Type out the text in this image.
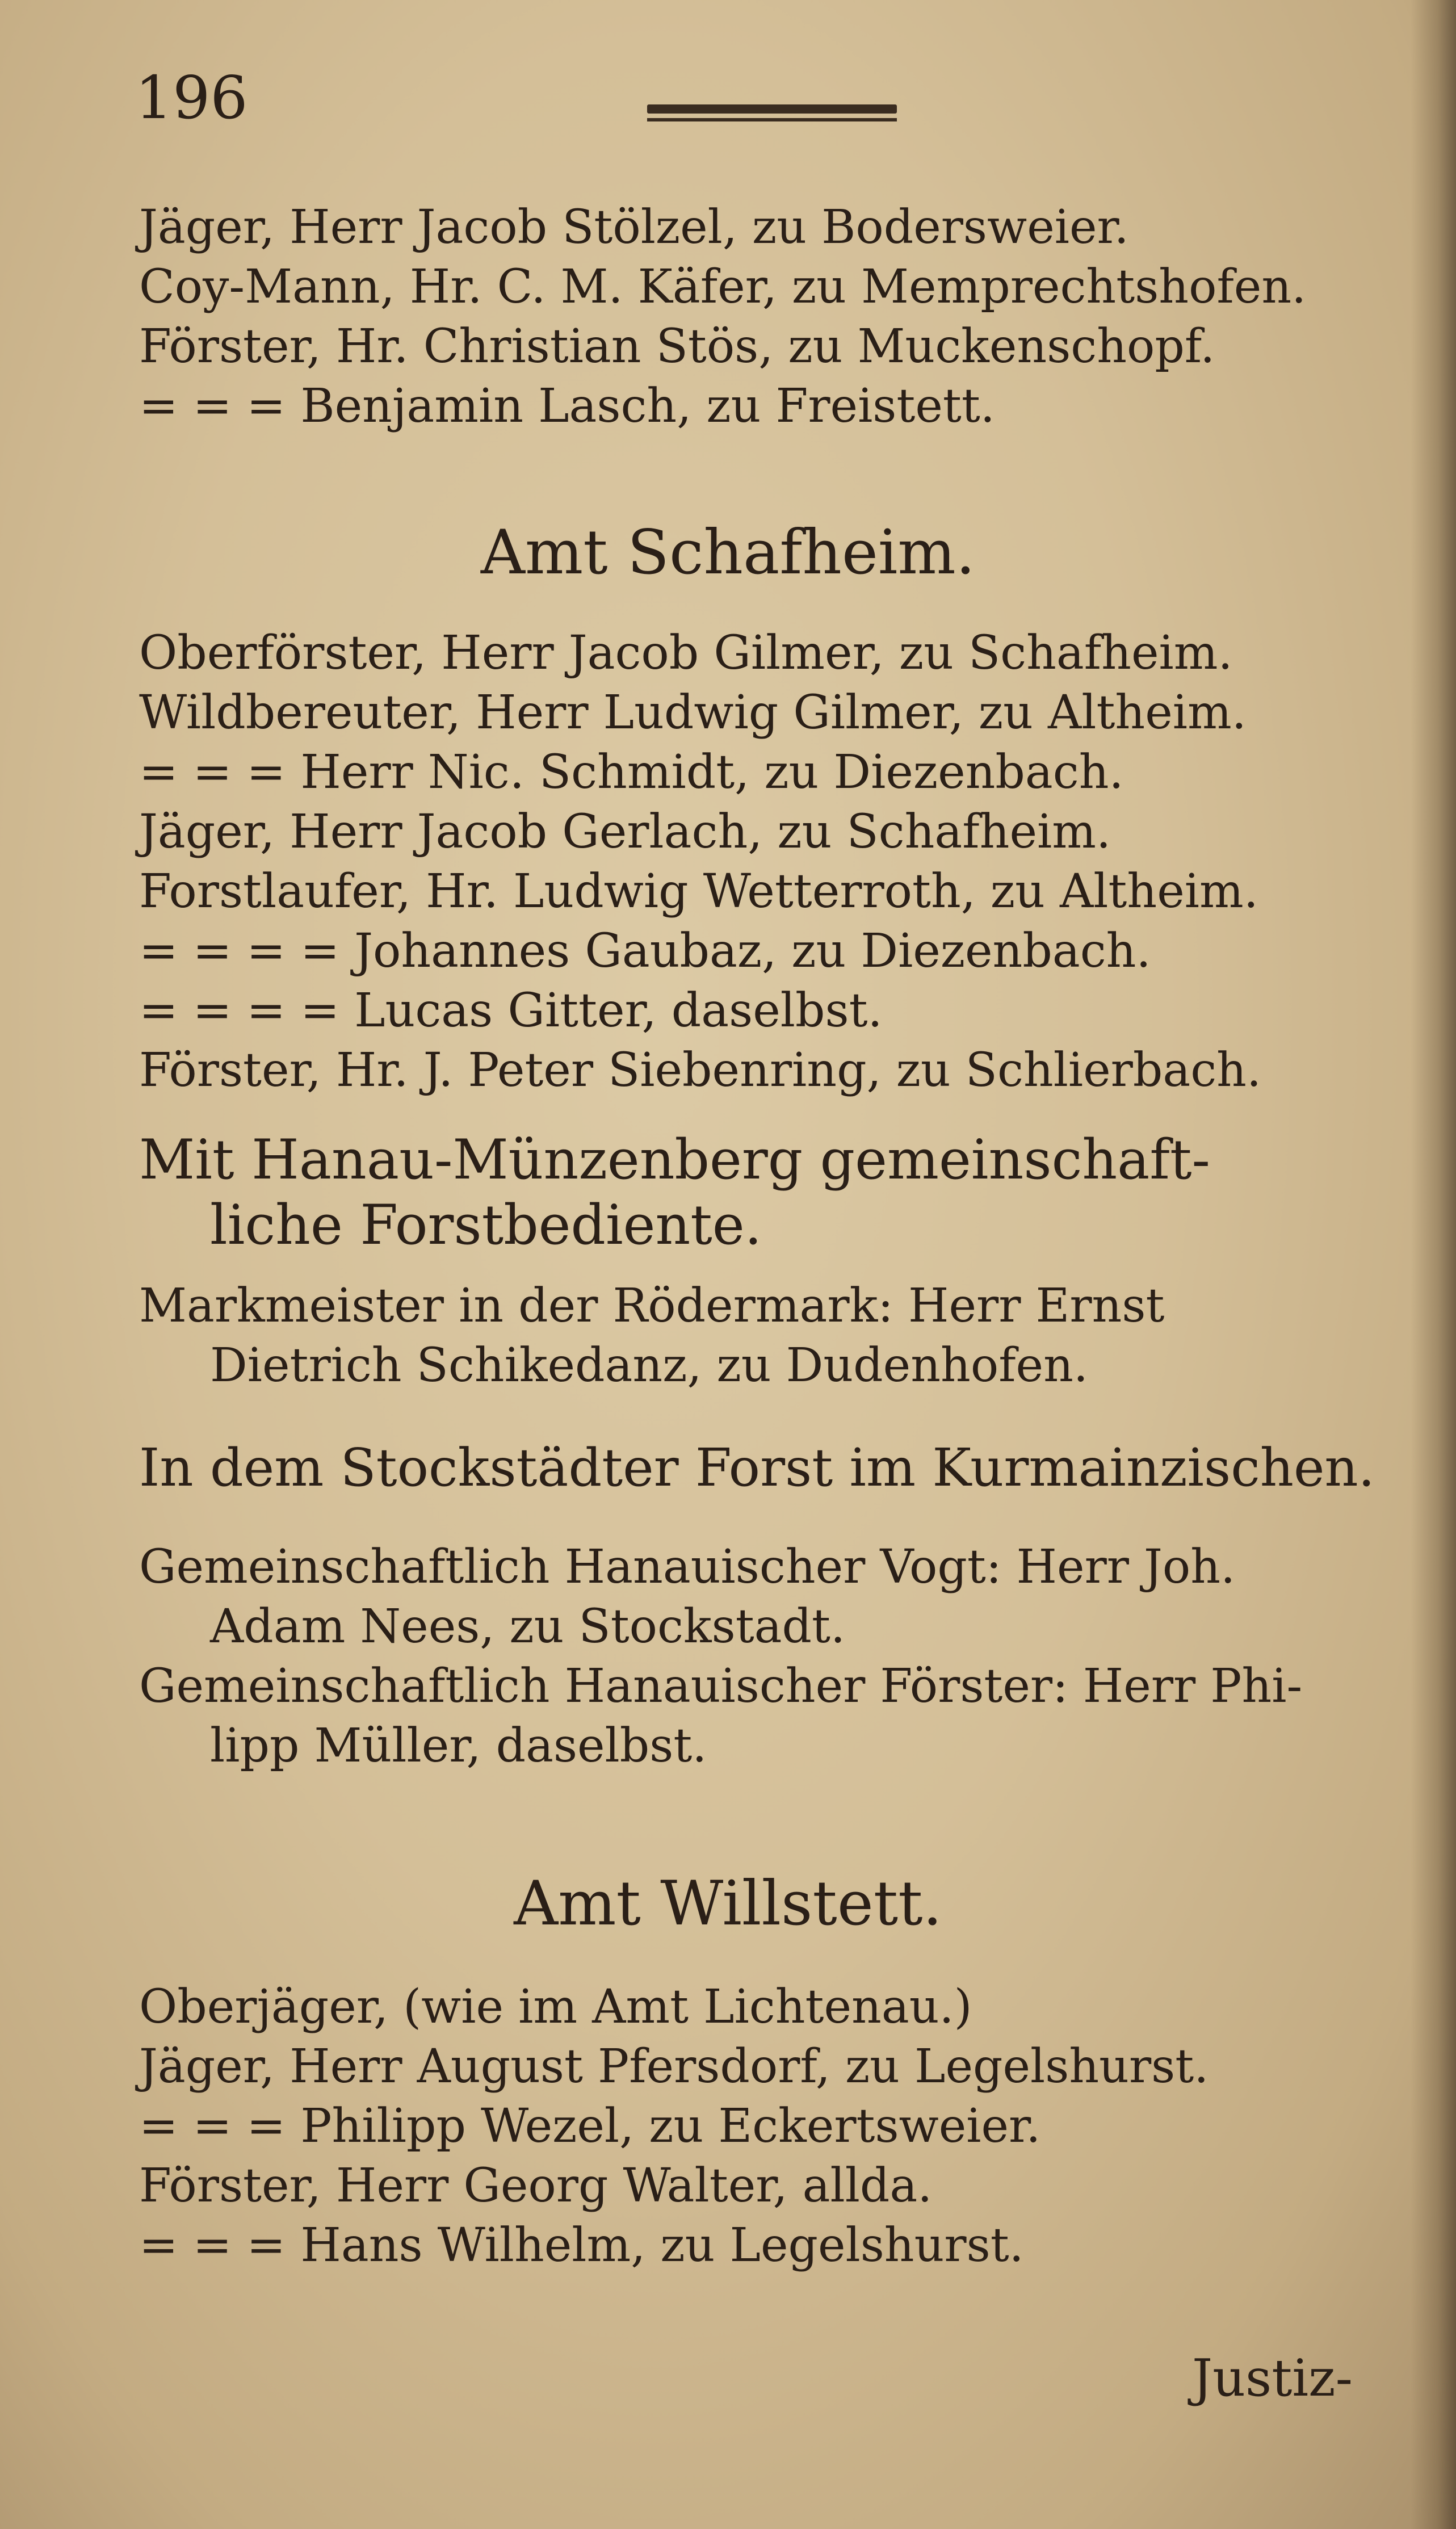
196
Jäger, Herr Jacob Stölzel, zu Bodersweier.
Coy-Mann, Hr. C. M. Käfer, zu Memprechtshofen.
Förster, Hr. Christian Stös, zu Muckenschopf.
= = = Benjamin Lasch, zu Freistett.
Amt Schafheim.
Oberförster, Herr Jacob Gilmer, zu Schafheim.
Wildbereuter, Herr Ludwig Gilmer, zu Altheim.
= = = Herr Nic. Schmidt, zu Diezenbach.
Jäger, Herr Jacob Gerlach, zu Schafheim.
Forstlaufer, Hr. Ludwig Wetterroth, zu Altheim.
= = = = Johannes Gaubaz, zu Diezenbach.
= = = = Lucas Gitter, daselbst.
Förster, Hr. J. Peter Siebenring, zu Schlierbach.
Mit Hanau-Münzenberg gemeinschaft-
liche Forstbediente.
Markmeister in der Rödermark: Herr Ernst
Dietrich Schikedanz, zu Dudenhofen.
In dem Stockstädter Forst im Kurmainzischen.
Gemeinschaftlich Hanauischer Vogt: Herr Joh.
Adam Nees, zu Stockstadt.
Gemeinschaftlich Hanauischer Förster: Herr Phi-
lipp Müller, daselbst.
Amt Willstett.
Oberjäger, (wie im Amt Lichtenau.)
Jäger, Herr August Pfersdorf, zu Legelshurst.
= = = Philipp Wezel, zu Eckertsweier.
Förster, Herr Georg Walter, allda.
= = = Hans Wilhelm, zu Legelshurst.
Justiz-
